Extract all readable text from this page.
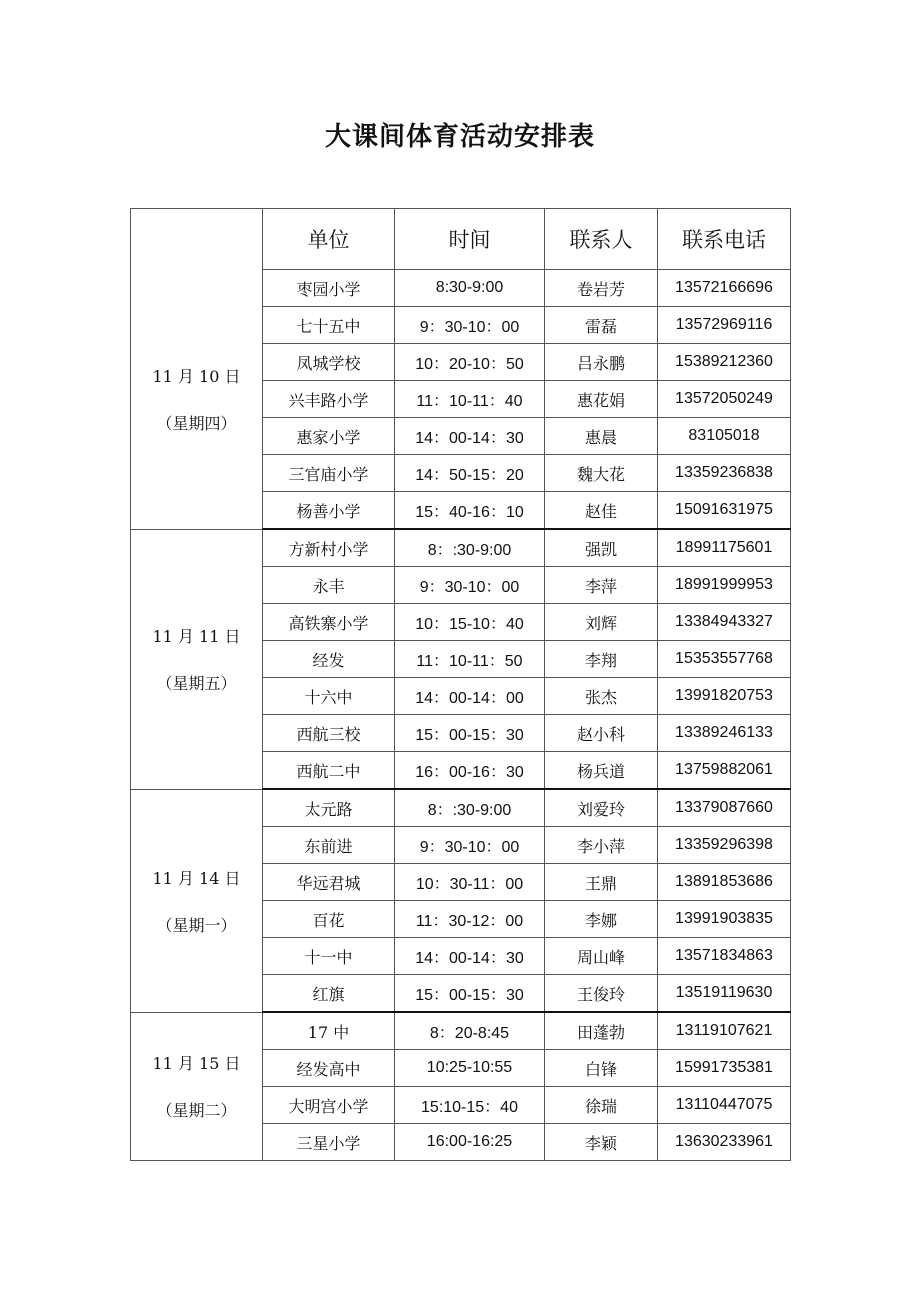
大课间体育活动安排表
	单位	时间	联系人	联系电话

11 月 10 日
（星期四）	枣园小学	8:30-9:00	卷岩芳	13572166696
	七十五中	9：30-10：00	雷磊	13572969116
	凤城学校	10：20-10：50	吕永鹏	15389212360
	兴丰路小学	11：10-11：40	惠花娟	13572050249
	惠家小学	14：00-14：30	惠晨	83105018
	三官庙小学	14：50-15：20	魏大花	13359236838
	杨善小学	15：40-16：10	赵佳	15091631975

11 月 11 日
（星期五）	方新村小学	8：:30-9:00	强凯	18991175601
	永丰	9：30-10：00	李萍	18991999953
	高铁寨小学	10：15-10：40	刘辉	13384943327
	经发	11：10-11：50	李翔	15353557768
	十六中	14：00-14：00	张杰	13991820753
	西航三校	15：00-15：30	赵小科	13389246133
	西航二中	16：00-16：30	杨兵道	13759882061

11 月 14 日
（星期一）	太元路	8：:30-9:00	刘爱玲	13379087660
	东前进	9：30-10：00	李小萍	13359296398
	华远君城	10：30-11：00	王鼎	13891853686
	百花	11：30-12：00	李娜	13991903835
	十一中	14：00-14：30	周山峰	13571834863
	红旗	15：00-15：30	王俊玲	13519119630

11 月 15 日
（星期二）	17 中	8：20-8:45	田蓬勃	13119107621
	经发高中	10:25-10:55	白锋	15991735381
	大明宫小学	15:10-15：40	徐瑞	13110447075
	三星小学	16:00-16:25	李颖	13630233961
